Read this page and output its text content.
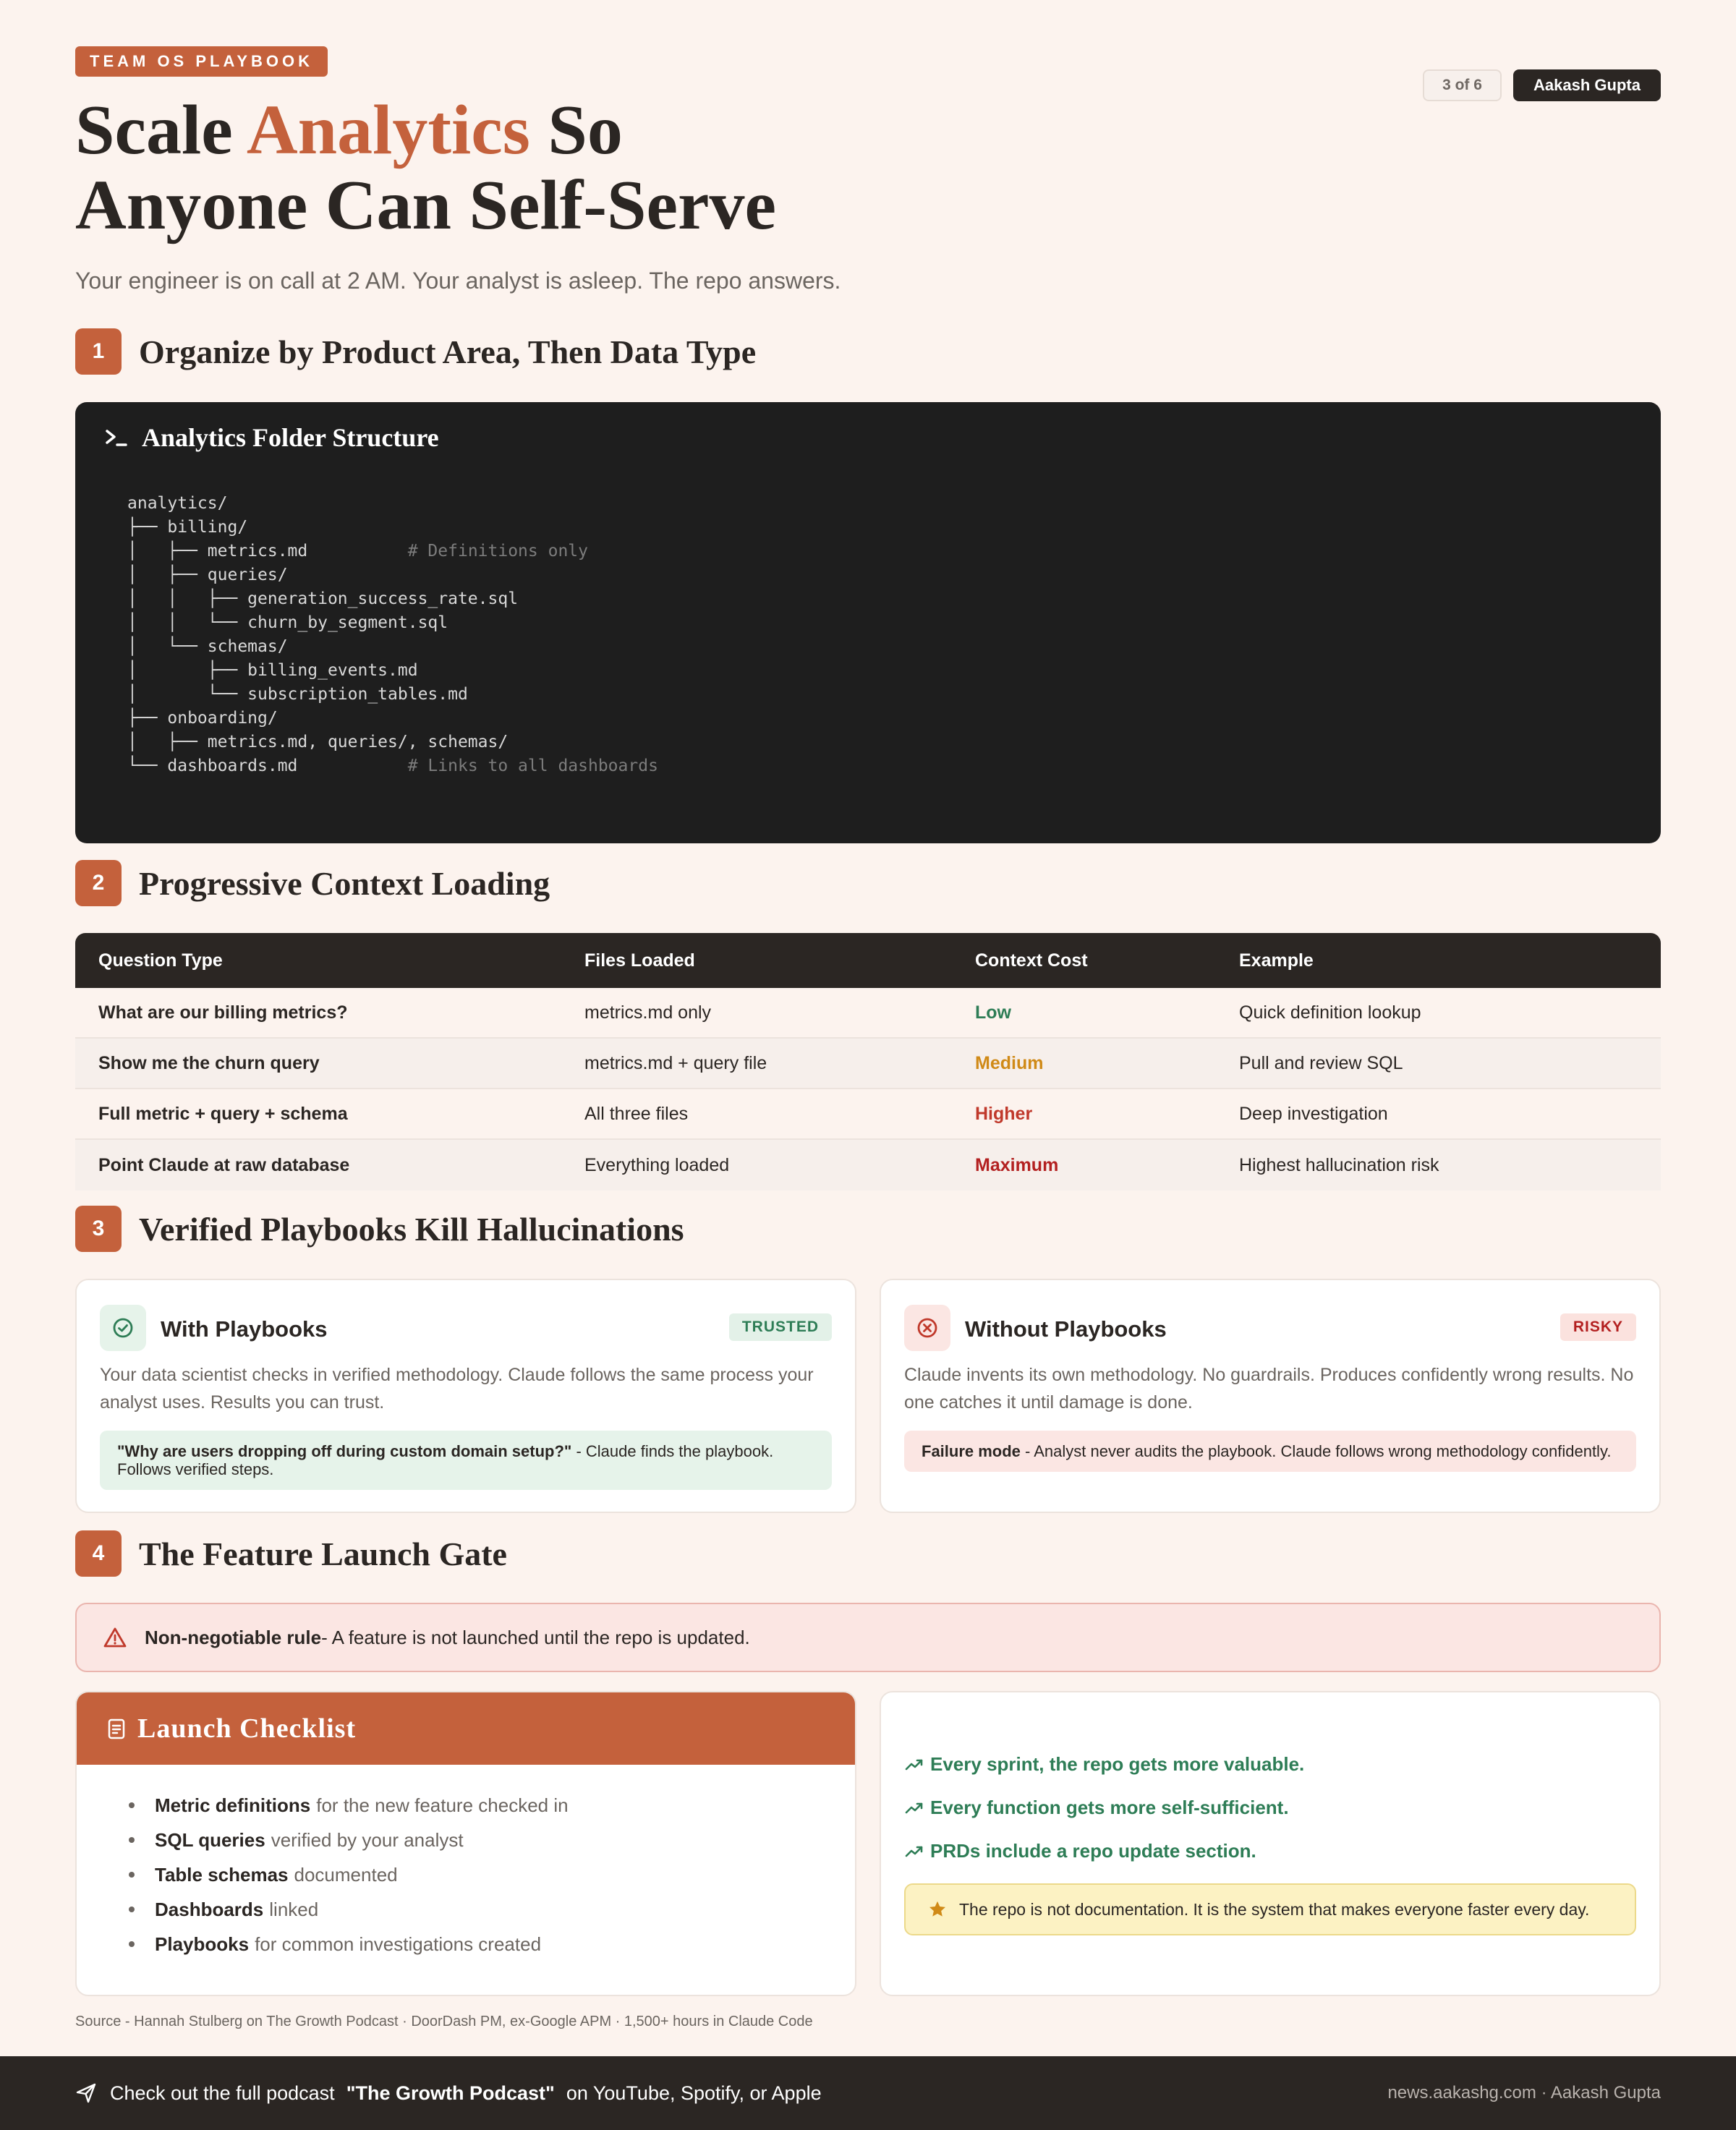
TEAM OS PLAYBOOK
3 of 6	Aakash Gupta
Scale Analytics So
Anyone Can Self-Serve
Your engineer is on call at 2 AM. Your analyst is asleep. The repo answers.
1	Organize by Product Area, Then Data Type
Analytics Folder Structure
analytics/
├── billing/
│   ├── metrics.md          # Definitions only
│   ├── queries/
│   │   ├── generation_success_rate.sql
│   │   └── churn_by_segment.sql
│   └── schemas/
│       ├── billing_events.md
│       └── subscription_tables.md
├── onboarding/
│   ├── metrics.md, queries/, schemas/
└── dashboards.md           # Links to all dashboards
2	Progressive Context Loading
Question Type	Files Loaded	Context Cost	Example
What are our billing metrics?	metrics.md only	Low	Quick definition lookup
Show me the churn query	metrics.md + query file	Medium	Pull and review SQL
Full metric + query + schema	All three files	Higher	Deep investigation
Point Claude at raw database	Everything loaded	Maximum	Highest hallucination risk
3	Verified Playbooks Kill Hallucinations
With Playbooks	TRUSTED
Your data scientist checks in verified methodology. Claude follows the same process your analyst uses. Results you can trust.
"Why are users dropping off during custom domain setup?" - Claude finds the playbook. Follows verified steps.
Without Playbooks	RISKY
Claude invents its own methodology. No guardrails. Produces confidently wrong results. No one catches it until damage is done.
Failure mode - Analyst never audits the playbook. Claude follows wrong methodology confidently.
4	The Feature Launch Gate
Non-negotiable rule - A feature is not launched until the repo is updated.
Launch Checklist
Metric definitions for the new feature checked in
SQL queries verified by your analyst
Table schemas documented
Dashboards linked
Playbooks for common investigations created
Every sprint, the repo gets more valuable.
Every function gets more self-sufficient.
PRDs include a repo update section.
The repo is not documentation. It is the system that makes everyone faster every day.
Source - Hannah Stulberg on The Growth Podcast · DoorDash PM, ex-Google APM · 1,500+ hours in Claude Code
Check out the full podcast "The Growth Podcast" on YouTube, Spotify, or Apple	news.aakashg.com · Aakash Gupta
